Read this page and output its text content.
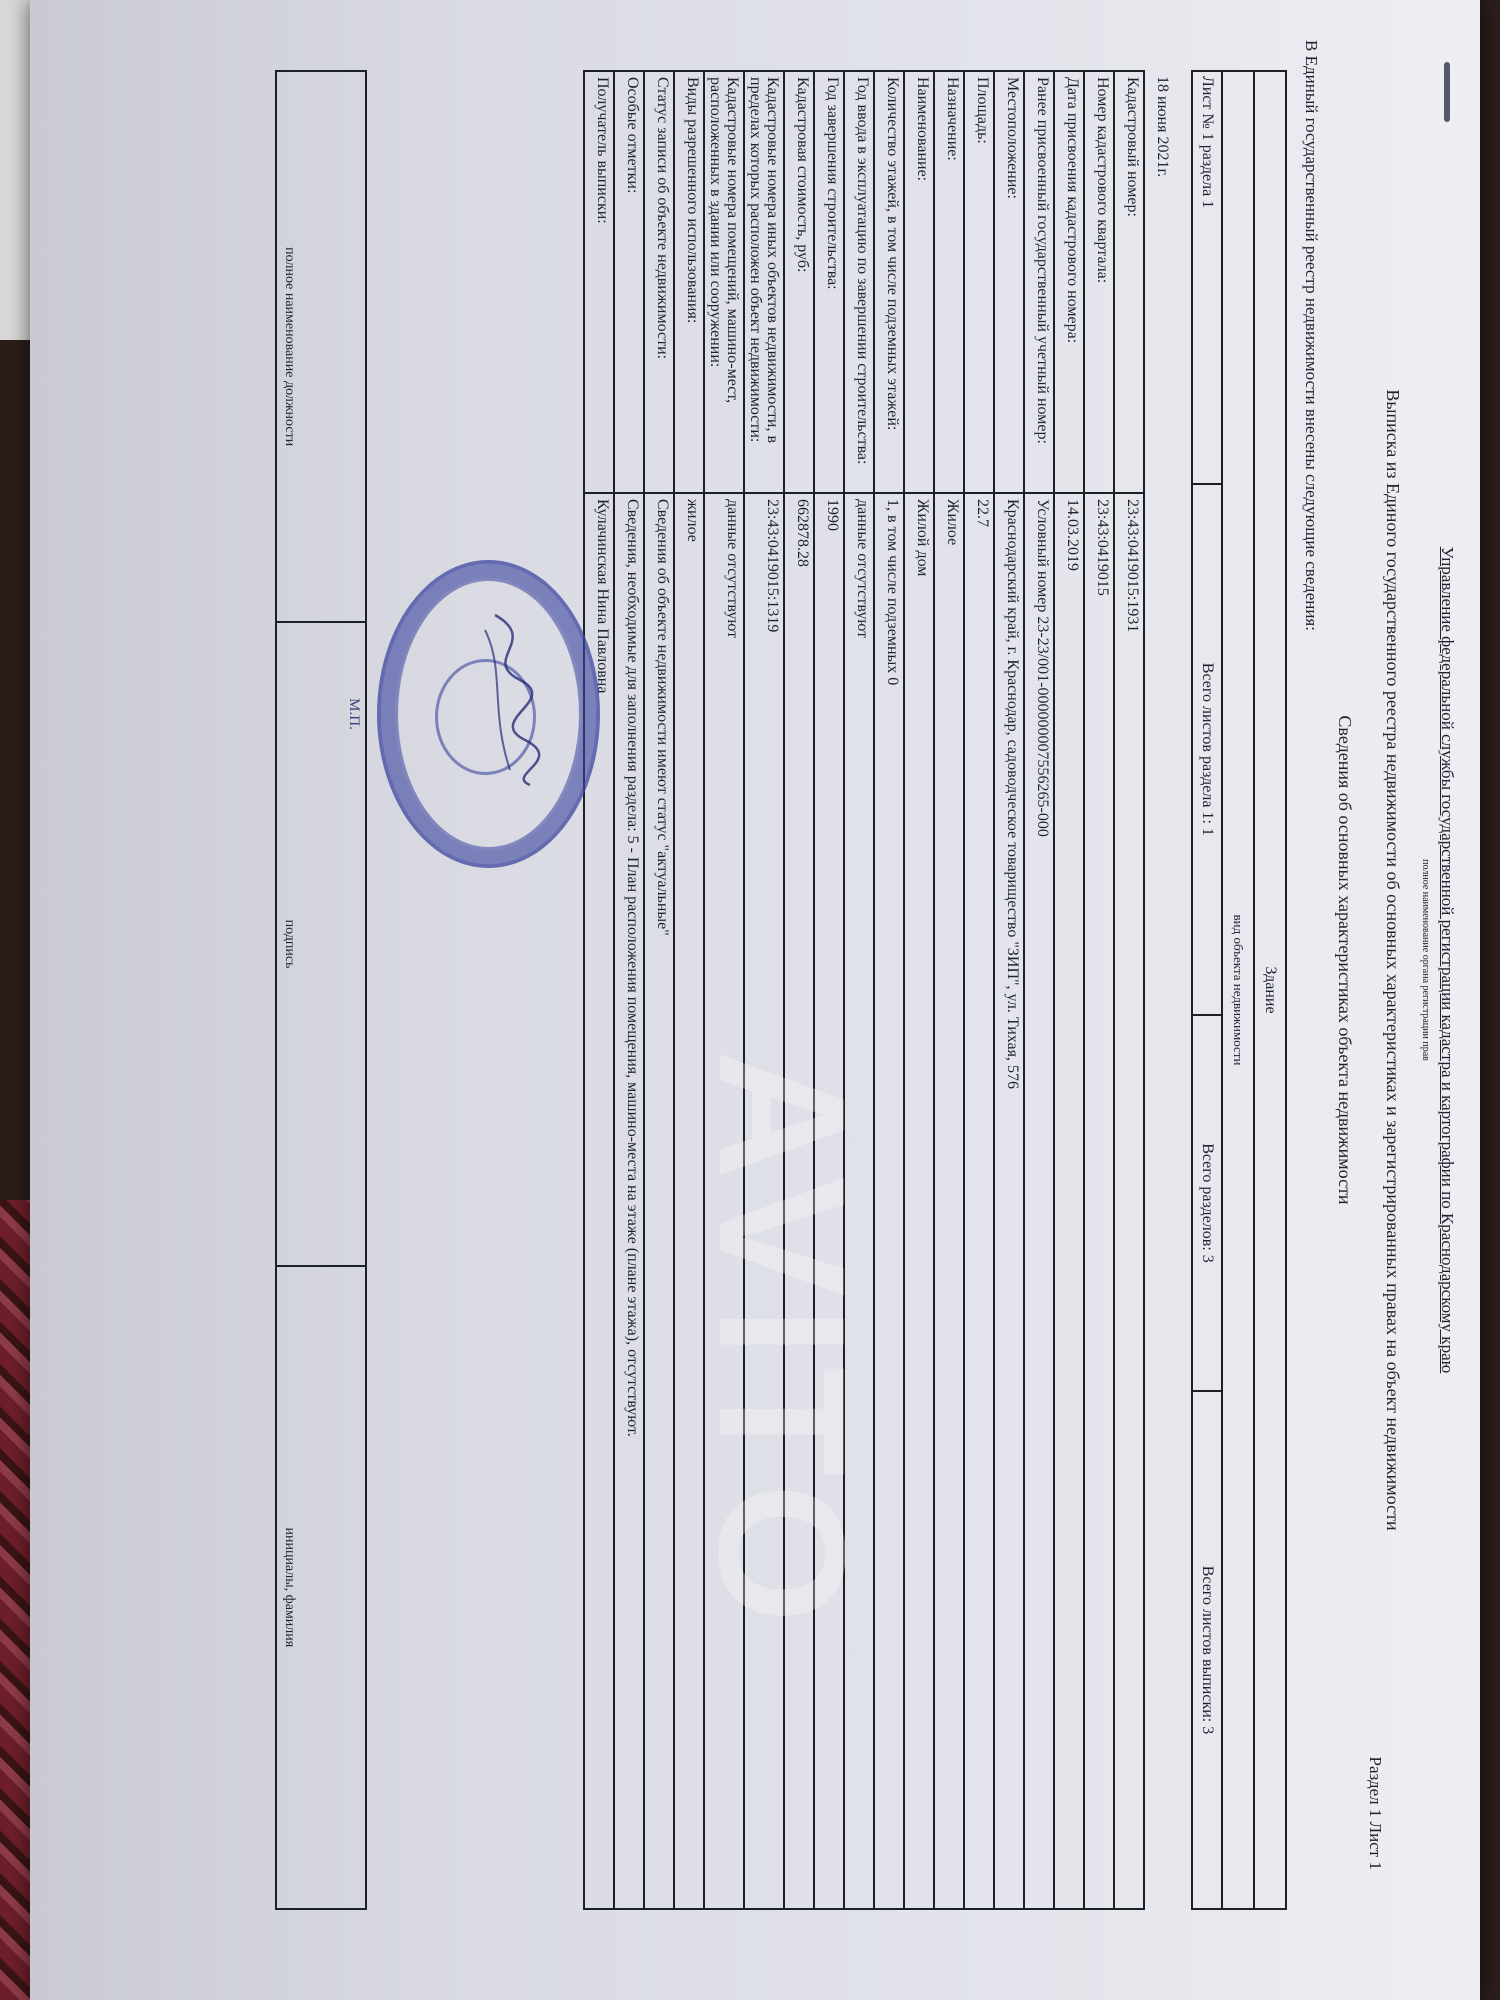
Управление федеральной службы государственной регистрации кадастра и картографии по Краснодарскому краю
полное наименование органа регистрации прав
Выписка из Единого государственного реестра недвижимости об основных характеристиках и зарегистрированных правах на объект недвижимости
Раздел 1 Лист 1
Сведения об основных характеристиках объекта недвижимости
В Единый государственный реестр недвижимости внесены следующие сведения:
Здание
вид объекта недвижимости
Лист № 1 раздела 1	Всего листов раздела 1: 1	Всего разделов: 3	Всего листов выписки: 3
18 июня 2021г.	
Кадастровый номер:	23:43:0419015:1931
Номер кадастрового квартала:	23:43:0419015
Дата присвоения кадастрового номера:	14.03.2019
Ранее присвоенный государственный учетный номер:	Условный номер 23-23/001-000000007556265-000
Местоположение:	Краснодарский край, г. Краснодар, садоводческое товарищество "ЗИП", ул. Тихая, 576
Площадь:	22.7
Назначение:	Жилое
Наименование:	Жилой дом
Количество этажей, в том числе подземных этажей:	1, в том числе подземных 0
Год ввода в эксплуатацию по завершении строительства:	данные отсутствуют
Год завершения строительства:	1990
Кадастровая стоимость, руб:	662878.28
Кадастровые номера иных объектов недвижимости, в пределах которых расположен объект недвижимости:	23:43:0419015:1319
Кадастровые номера помещений, машино-мест, расположенных в здании или сооружении:	данные отсутствуют
Виды разрешенного использования:	жилое
Статус записи об объекте недвижимости:	Сведения об объекте недвижимости имеют статус "актуальные"
Особые отметки:	Сведения, необходимые для заполнения раздела: 5 - План расположения помещения, машино-места на этаже (плане этажа), отсутствуют.
Получатель выписки:	Кулачинская Нина Павловна
полное наименование должности	подпись	инициалы, фамилия
М.П.
AVITO
